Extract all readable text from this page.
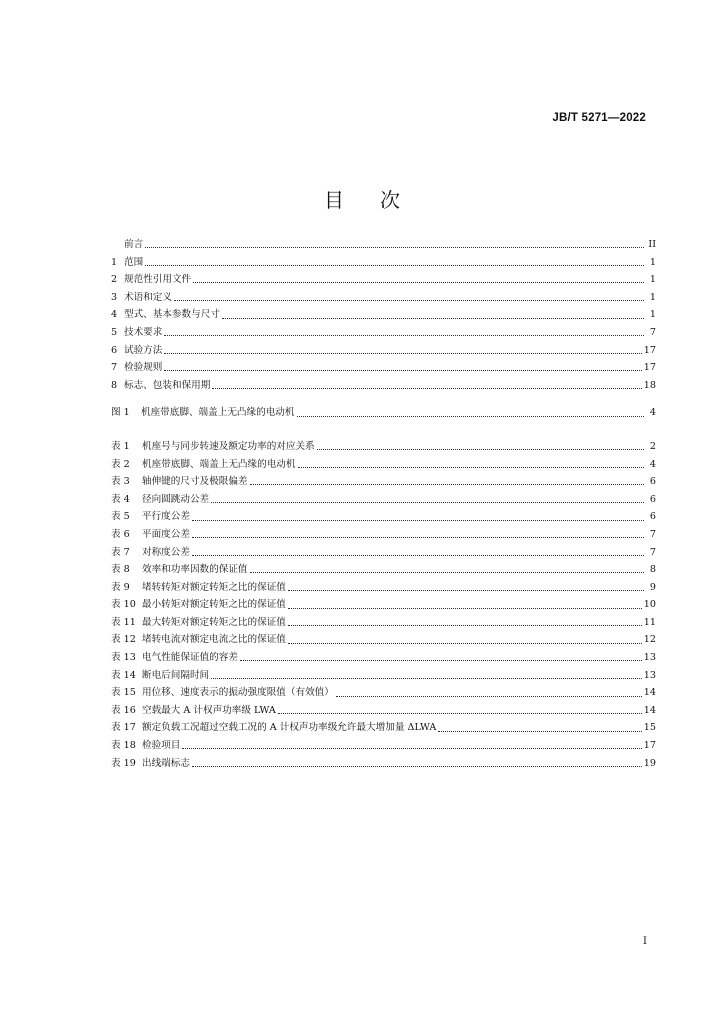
JB/T 5271—2022
目次
前言	II
1 范围	1
2 规范性引用文件	1
3 术语和定义	1
4 型式、基本参数与尺寸	1
5 技术要求	7
6 试验方法	17
7 检验规则	17
8 标志、包装和保用期	18
图 1	机座带底脚、端盖上无凸缘的电动机	4
表 1	机座号与同步转速及额定功率的对应关系	2
表 2	机座带底脚、端盖上无凸缘的电动机	4
表 3	轴伸键的尺寸及极限偏差	6
表 4	径向圆跳动公差	6
表 5	平行度公差	6
表 6	平面度公差	7
表 7	对称度公差	7
表 8	效率和功率因数的保证值	8
表 9	堵转转矩对额定转矩之比的保证值	9
表 10 最小转矩对额定转矩之比的保证值	10
表 11 最大转矩对额定转矩之比的保证值	11
表 12 堵转电流对额定电流之比的保证值	12
表 13 电气性能保证值的容差	13
表 14 断电后间隔时间	13
表 15 用位移、速度表示的振动强度限值（有效值）	14
表 16 空载最大 A 计权声功率级 LWA	14
表 17 额定负载工况超过空载工况的 A 计权声功率级允许最大增加量 ΔLWA	15
表 18 检验项目	17
表 19 出线端标志	19
I
